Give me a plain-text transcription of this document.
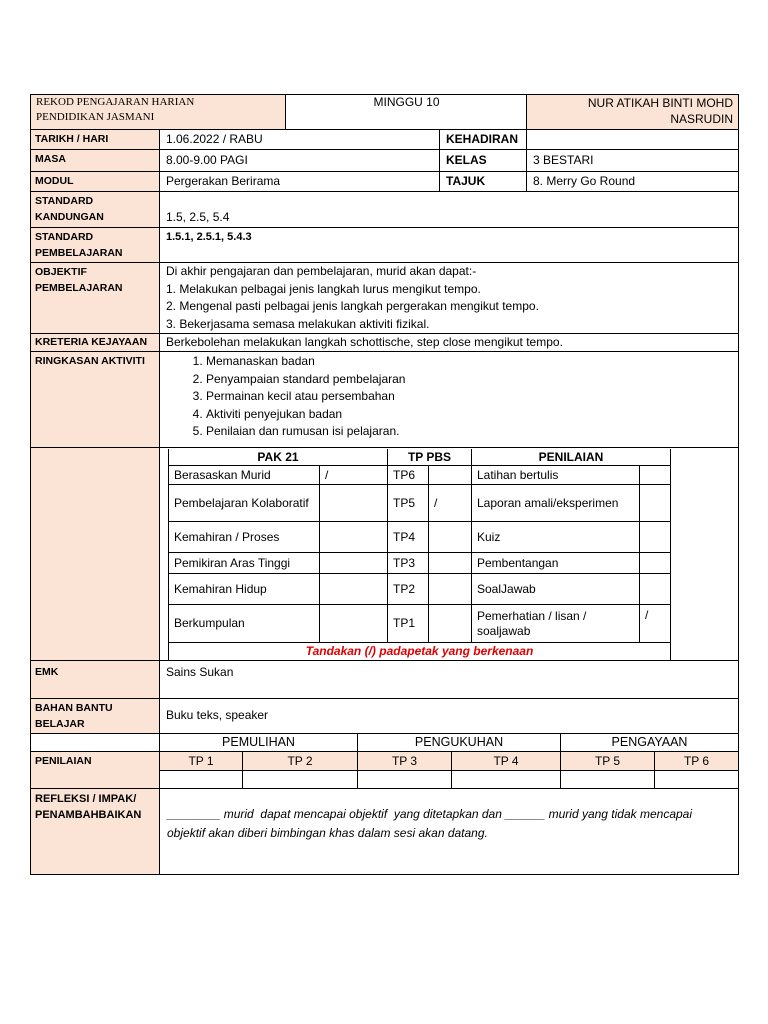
REKOD PENGAJARAN HARIAN
PENDIDIKAN JASMANI
MINGGU 10	NUR ATIKAH BINTI MOHD
NASRUDIN
TARIKH / HARI	1.06.2022 / RABU	KEHADIRAN
MASA	8.00-9.00 PAGI	KELAS	3 BESTARI
MODUL	Pergerakan Berirama	TAJUK	8. Merry Go Round
STANDARD
KANDUNGAN	1.5, 2.5, 5.4
STANDARD
PEMBELAJARAN
1.5.1, 2.5.1, 5.4.3
OBJEKTIF
PEMBELAJARAN
Di akhir pengajaran dan pembelajaran, murid akan dapat:-
1. Melakukan pelbagai jenis langkah lurus mengikut tempo.
2. Mengenal pasti pelbagai jenis langkah pergerakan mengikut tempo.
3. Bekerjasama semasa melakukan aktiviti fizikal.
KRETERIA KEJAYAAN	Berkebolehan melakukan langkah schottische, step close mengikut tempo.
RINGKASAN AKTIVITI
1.	Memanaskan badan
2. Penyampaian standard pembelajaran
3. Permainan kecil atau persembahan
4. Aktiviti penyejukan badan
5. Penilaian dan rumusan isi pelajaran.
PAK 21	TP PBS	PENILAIAN
Berasaskan Murid	/	TP6	Latihan bertulis
Pembelajaran Kolaboratif	TP5	/	Laporan amali/eksperimen
Kemahiran / Proses	TP4	Kuiz
Pemikiran Aras Tinggi	TP3	Pembentangan
Kemahiran Hidup	TP2	SoalJawab
Berkumpulan	TP1
Pemerhatian / lisan / soaljawab
/
Tandakan (/) padapetak yang berkenaan
EMK	Sains Sukan
BAHAN BANTU
BELAJAR
Buku teks, speaker
PEMULIHAN	PENGUKUHAN	PENGAYAAN
PENILAIAN	TP 1	TP 2	TP 3	TP 4	TP 5	TP 6
REFLEKSI / IMPAK/
PENAMBAHBAIKAN	________ murid  dapat mencapai objektif  yang ditetapkan dan ______ murid yang tidak mencapai
objektif akan diberi bimbingan khas dalam sesi akan datang.
